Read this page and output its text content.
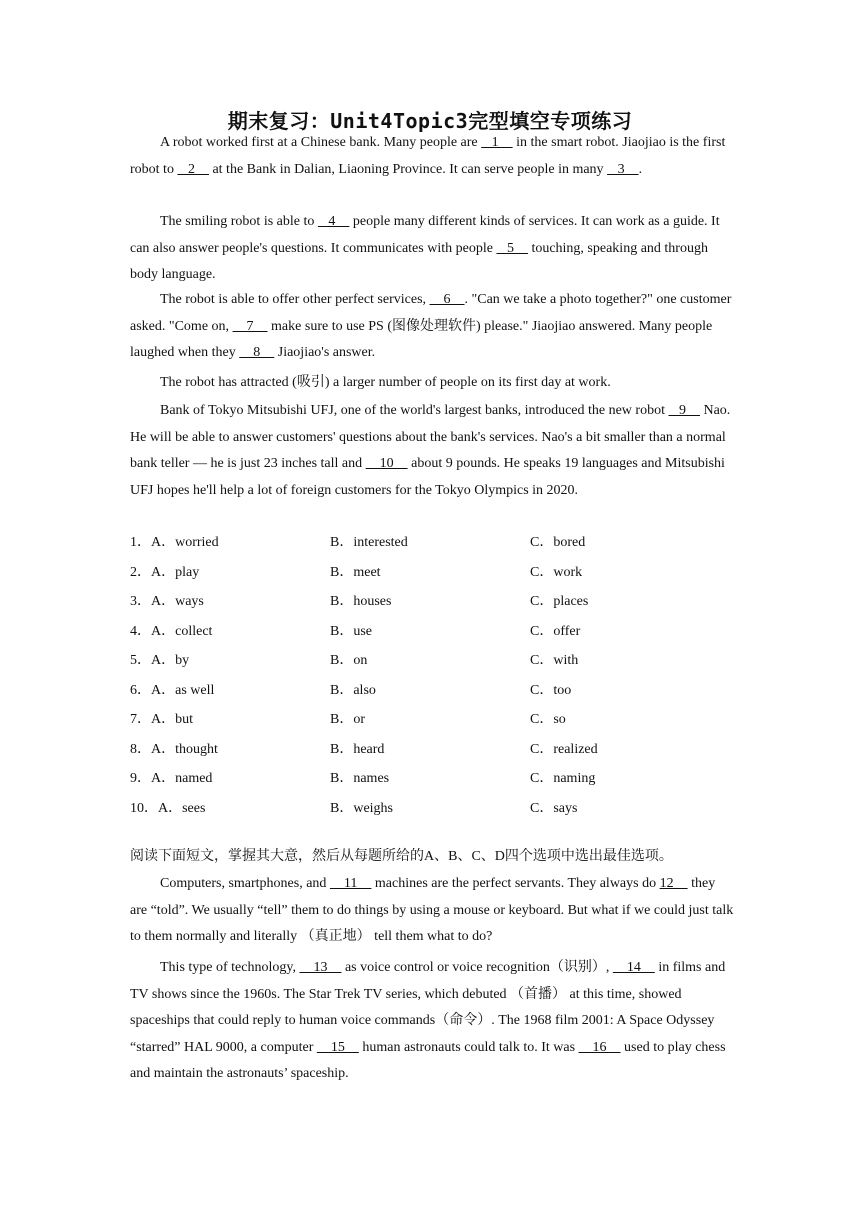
期末复习：Unit4Topic3完型填空专项练习
A robot worked first at a Chinese bank. Many people are    1     in the smart robot. Jiaojiao is the first robot to    2     at the Bank in Dalian, Liaoning Province. It can serve people in many    3    .
The smiling robot is able to    4     people many different kinds of services. It can work as a guide. It can also answer people's questions. It communicates with people    5     touching, speaking and through body language.
The robot is able to offer other perfect services,     6    . "Can we take a photo together?" one customer asked. "Come on,     7     make sure to use PS (图像处理软件) please." Jiaojiao answered. Many people laughed when they     8     Jiaojiao's answer.
The robot has attracted (吸引) a larger number of people on its first day at work.
Bank of Tokyo Mitsubishi UFJ, one of the world's largest banks, introduced the new robot    9     Nao. He will be able to answer customers' questions about the bank's services. Nao's a bit smaller than a normal bank teller — he is just 23 inches tall and     10     about 9 pounds. He speaks 19 languages and Mitsubishi UFJ hopes he'll help a lot of foreign customers for the Tokyo Olympics in 2020.
1．A．worried	B．interested	C．bored
2．A．play	B．meet	C．work
3．A．ways	B．houses	C．places
4．A．collect	B．use	C．offer
5．A．by	B．on	C．with
6．A．as well	B．also	C．too
7．A．but	B．or	C．so
8．A．thought	B．heard	C．realized
9．A．named	B．names	C．naming
10．A．sees	B．weighs	C．says
阅读下面短文，掌握其大意，然后从每题所给的A、B、C、D四个选项中选出最佳选项。
Computers, smartphones, and     11     machines are the perfect servants. They always do 12     they are “told”. We usually “tell” them to do things by using a mouse or keyboard. But what if we could just talk to them normally and literally （真正地） tell them what to do?
This type of technology,     13     as voice control or voice recognition（识别）,     14     in films and TV shows since the 1960s. The Star Trek TV series, which debuted （首播） at this time, showed spaceships that could reply to human voice commands（命令）. The 1968 film 2001: A Space Odyssey “starred” HAL 9000, a computer     15     human astronauts could talk to. It was     16     used to play chess and maintain the astronauts’ spaceship.
